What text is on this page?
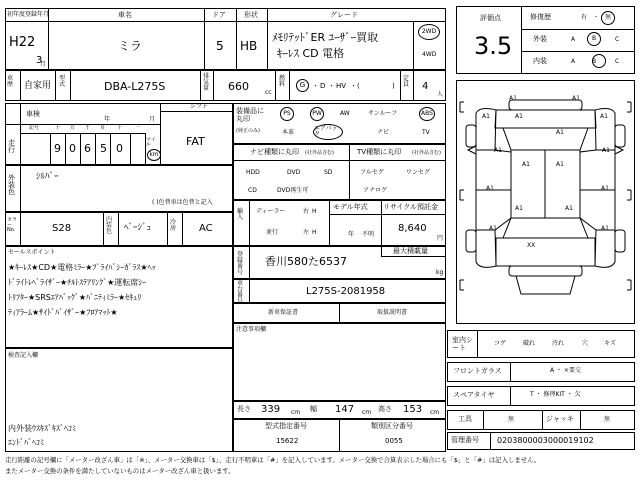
初年度登録年月
H22
3
月
車名
ミラ
ドア
5
形状
HB
グレード
ﾒﾓﾘﾃｯﾄﾞER ﾕｰｻﾞｰ買取
ｷｰﾚｽ CD 電格
2WD
4WD
車歴	自家用
型式	DBA-L275S
排気量 660	cc
燃料 G ・ D ・ HV ・(	)
定員 4
人
車検
年	月
走行
記号	十 万 千 百 十	一
9 0 6 5 0
マイル
km
シフト
FAT
装備品に丸印
(純正のみ)
PS	PW	AW	サンルーフ	ABS
本革
エアバック	ナビ	TV
ナビ種類に丸印 (社外品含む)
HDD	DVD	SD
CD	DVD再生可
TV種類に丸印 (社外品含む)
フルセグ	ワンセグ
アナログ
外装色
ｼﾙﾊﾞｰ
( )色替車は色替と記入
カラーNo.	S28
内装色 ﾍﾞｰｼﾞｭ
冷房 AC
輸入
ディーラー
並行
右 H
左 H
モデル年式
年 不明
リサイクル預託金
8,640
円
セールスポイント
★ｷｰﾚｽ★CD★電格ﾐﾗｰ★ﾌﾟﾗｲﾊﾞｼｰｶﾞﾗｽ★ﾍｯ
ﾄﾞﾗｲﾄﾚﾍﾞﾗｲｻﾞｰ★ﾁﾙﾄｽﾃｱﾘﾝｸﾞ★運転席ｼｰ
ﾄﾘﾌﾀｰ★SRSｴｱﾊﾞｯｸﾞ★ﾊﾞﾆﾃｨﾐﾗｰ★ｾｷｭﾘ
ﾃｨｱﾗｰﾑ★ｻｲﾄﾞﾊﾞｲｻﾞｰ★ﾌﾛｱﾏｯﾄ★
検査記入欄
内外装ｳｽｷｽﾞｷｽﾞﾍｺﾐ
ｴﾝﾄﾞﾊﾞﾍｺﾐ
登録番号
最大積載量
香川580た6537
kg
車台番号
L275S-2081958
新車保証書	取扱説明書
注意事項欄
長さ 339 cm 幅 147 cm 高さ 153 cm
型式指定番号
15622
類別区分番号
0055
評価点
3.5
修復歴	有 ・ 無
外装	A	B	C
内装	A	B	C
A1	A1
A1	A1
A1
A1
A1	A1
A1	A1
A1	A1
A1	A1
A1	A1
XX
室内シート
コゲ	破れ	汚れ	穴	キズ
フロントガラス	A ・ ×要交
スペアタイヤ	T ・ 修理KIT ・ 欠
工具	無	ジャッキ	無
管理番号 0203800003000019102
走行距離の記号欄に「メーター改ざん車」は「※」、メーター交換車は「$」、走行不明車は「#」を記入しています。メーター交換で合算表示した場合にも「$」と「#」は記入しません。
またメーター交換の条件を満たしていないものはメーター改ざん車と扱います。
